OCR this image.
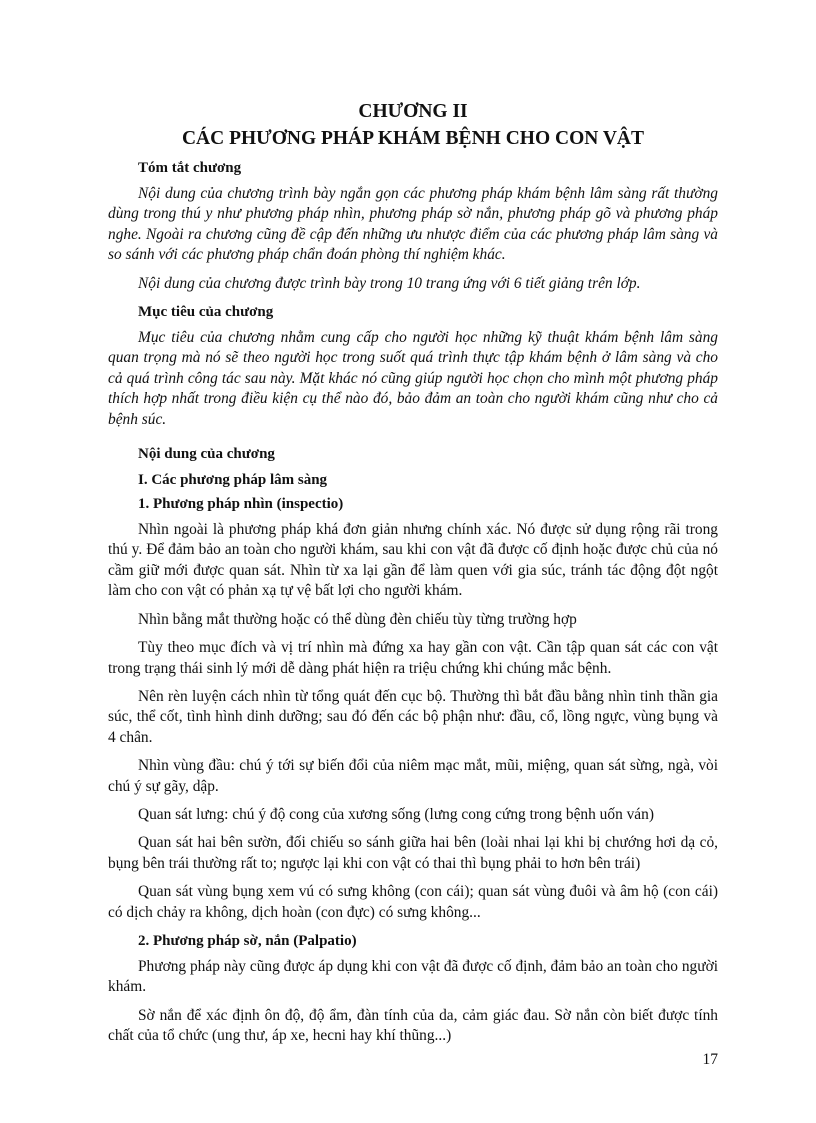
CHƯƠNG II
CÁC PHƯƠNG PHÁP KHÁM BỆNH CHO CON VẬT
Tóm tắt chương

Nội dung của chương trình bày ngắn gọn các phương pháp khám bệnh lâm sàng rất thường dùng trong thú y như phương pháp nhìn, phương pháp sờ nắn, phương pháp gõ và phương pháp nghe. Ngoài ra chương cũng đề cập đến những ưu nhược điểm của các phương pháp lâm sàng và so sánh với các phương pháp chẩn đoán phòng thí nghiệm khác.

Nội dung của chương được trình bày trong 10 trang ứng với 6 tiết giảng trên lớp.

Mục tiêu của chương

Mục tiêu của chương nhằm cung cấp cho người học những kỹ thuật khám bệnh lâm sàng quan trọng mà nó sẽ theo người học trong suốt quá trình thực tập khám bệnh ở lâm sàng và cho cả quá trình công tác sau này. Mặt khác nó cũng giúp người học chọn cho mình một phương pháp thích hợp nhất trong điều kiện cụ thể nào đó, bảo đảm an toàn cho người khám cũng như cho cả bệnh súc.

Nội dung của chương
I. Các phương pháp lâm sàng
1. Phương pháp nhìn (inspectio)

Nhìn ngoài là phương pháp khá đơn giản nhưng chính xác. Nó được sử dụng rộng rãi trong thú y. Để đảm bảo an toàn cho người khám, sau khi con vật đã được cố định hoặc được chủ của nó cầm giữ mới được quan sát. Nhìn từ xa lại gần để làm quen với gia súc, tránh tác động đột ngột làm cho con vật có phản xạ tự vệ bất lợi cho người khám.

Nhìn bằng mắt thường hoặc có thể dùng đèn chiếu tùy từng trường hợp

Tùy theo mục đích và vị trí nhìn mà đứng xa hay gần con vật. Cần tập quan sát các con vật trong trạng thái sinh lý mới dễ dàng phát hiện ra triệu chứng khi chúng mắc bệnh.

Nên rèn luyện cách nhìn từ tổng quát đến cục bộ. Thường thì bắt đầu bằng nhìn tinh thần gia súc, thể cốt, tình hình dinh dưỡng; sau đó đến các bộ phận như: đầu, cổ, lồng ngực, vùng bụng và 4 chân.

Nhìn vùng đầu: chú ý tới sự biến đổi của niêm mạc mắt, mũi, miệng, quan sát sừng, ngà, vòi chú ý sự gãy, dập.

Quan sát lưng: chú ý độ cong của xương sống (lưng cong cứng trong bệnh uốn ván)

Quan sát hai bên sườn, đối chiếu so sánh giữa hai bên (loài nhai lại khi bị chướng hơi dạ cỏ, bụng bên trái thường rất to; ngược lại khi con vật có thai thì bụng phải to hơn bên trái)

Quan sát vùng bụng xem vú có sưng không (con cái); quan sát vùng đuôi và âm hộ (con cái) có dịch chảy ra không, dịch hoàn (con đực) có sưng không...

2. Phương pháp sờ, nắn (Palpatio)

Phương pháp này cũng được áp dụng khi con vật đã được cố định, đảm bảo an toàn cho người khám.

Sờ nắn để xác định ôn độ, độ ẩm, đàn tính của da, cảm giác đau. Sờ nắn còn biết được tính chất của tổ chức (ung thư, áp xe, hecni hay khí thũng...)

17
